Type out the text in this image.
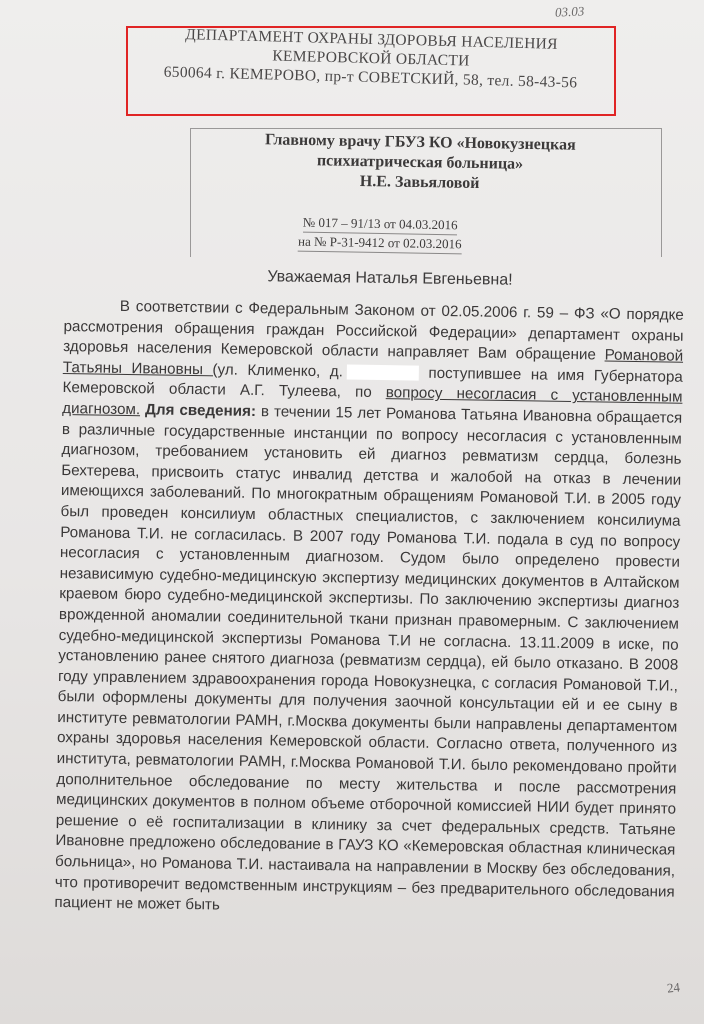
03.03
ДЕПАРТАМЕНТ ОХРАНЫ ЗДОРОВЬЯ НАСЕЛЕНИЯ
КЕМЕРОВСКОЙ ОБЛАСТИ
650064 г. КЕМЕРОВО, пр-т СОВЕТСКИЙ, 58, тел. 58-43-56
Главному врачу ГБУЗ КО «Новокузнецкая
психиатрическая больница»
Н.Е. Завьяловой
№ 017 – 91/13 от 04.03.2016
на № Р-31-9412 от 02.03.2016
Уважаемая Наталья Евгеньевна!

В соответствии с Федеральным Законом от 02.05.2006 г. 59 – ФЗ «О порядке рассмотрения обращения граждан Российской Федерации» департамент охраны здоровья населения Кемеровской области направляет Вам обращение Романовой Татьяны Ивановны (ул. Клименко, д.	поступившее на имя Губернатора Кемеровской области А.Г. Тулеева, по вопросу несогласия с установленным диагнозом. Для сведения: в течении 15 лет Романова Татьяна Ивановна обращается в различные государственные инстанции по вопросу несогласия с установленным диагнозом, требованием установить ей диагноз ревматизм сердца, болезнь Бехтерева, присвоить статус инвалид детства и жалобой на отказ в лечении имеющихся заболеваний. По многократным обращениям Романовой Т.И. в 2005 году был проведен консилиум областных специалистов, с заключением консилиума Романова Т.И. не согласилась. В 2007 году Романова Т.И. подала в суд по вопросу несогласия с установленным диагнозом. Судом было определено провести независимую судебно-медицинскую экспертизу медицинских документов в Алтайском краевом бюро судебно-медицинской экспертизы. По заключению экспертизы диагноз врожденной аномалии соединительной ткани признан правомерным. С заключением судебно-медицинской экспертизы Романова Т.И не согласна. 13.11.2009 в иске, по установлению ранее снятого диагноза (ревматизм сердца), ей было отказано. В 2008 году управлением здравоохранения города Новокузнецка, с согласия Романовой Т.И., были оформлены документы для получения заочной консультации ей и ее сыну в институте ревматологии РАМН, г.Москва документы были направлены департаментом охраны здоровья населения Кемеровской области. Согласно ответа, полученного из института, ревматологии РАМН, г.Москва Романовой Т.И. было рекомендовано пройти дополнительное обследование по месту жительства и после рассмотрения медицинских документов в полном объеме отборочной комиссией НИИ будет принято решение о её госпитализации в клинику за счет федеральных средств. Татьяне Ивановне предложено обследование в ГАУЗ КО «Кемеровская областная клиническая больница», но Романова Т.И. настаивала на направлении в Москву без обследования, что противоречит ведомственным инструкциям – без предварительного обследования пациент не может быть

24
